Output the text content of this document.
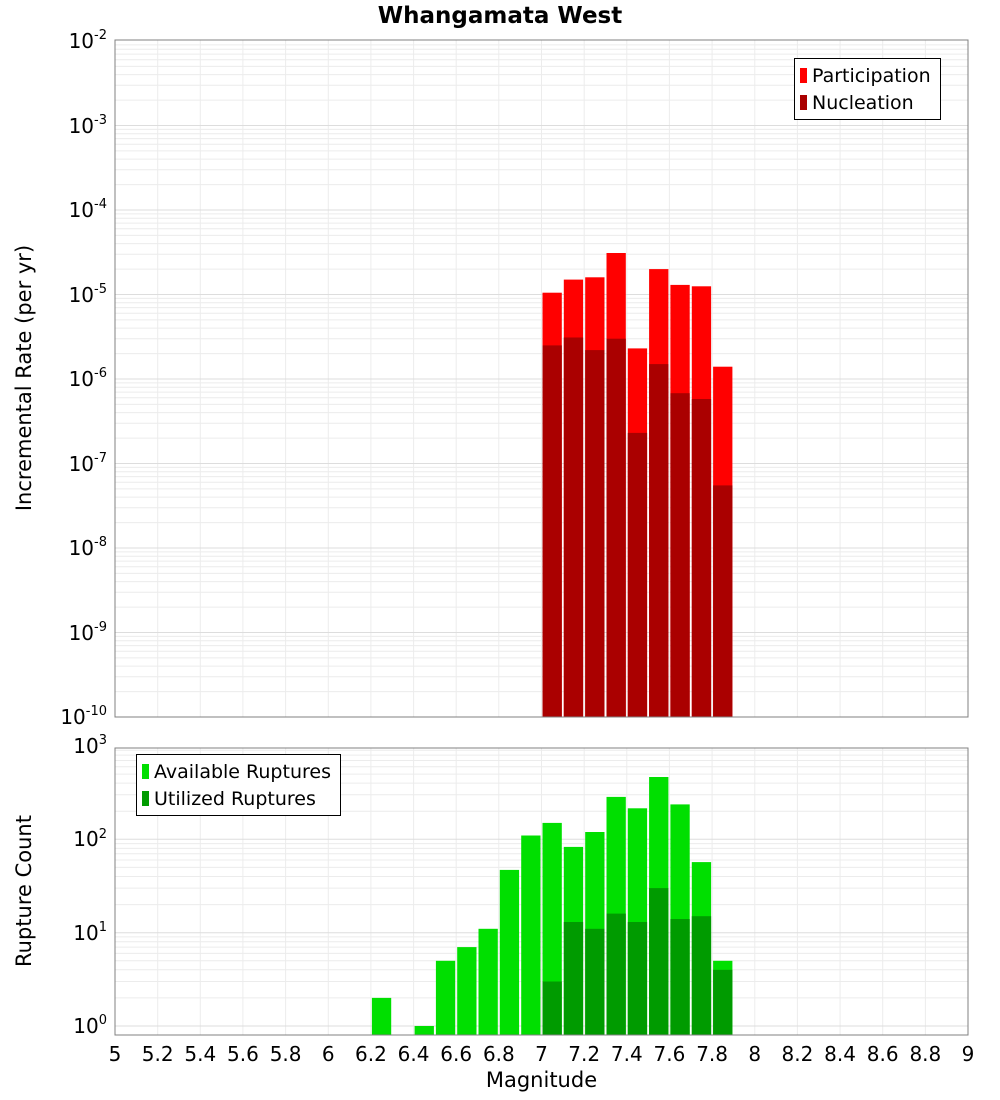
Whangamata West
Incremental Rate (per yr)
Rupture Count
Magnitude
$10^{-2}$
$10^{-3}$
$10^{-4}$
$10^{-5}$
$10^{-6}$
$10^{-7}$
$10^{-8}$
$10^{-9}$
$10^{-10}$
$10^3$
$10^2$
$10^1$
$10^0$
5	5.2 5.4 5.6 5.8	6	6.2 6.4 6.6 6.8	7	7.2 7.4 7.6 7.8	8	8.2 8.4 8.6 8.8	9
Participation
Nucleation
Available Ruptures
Utilized Ruptures
